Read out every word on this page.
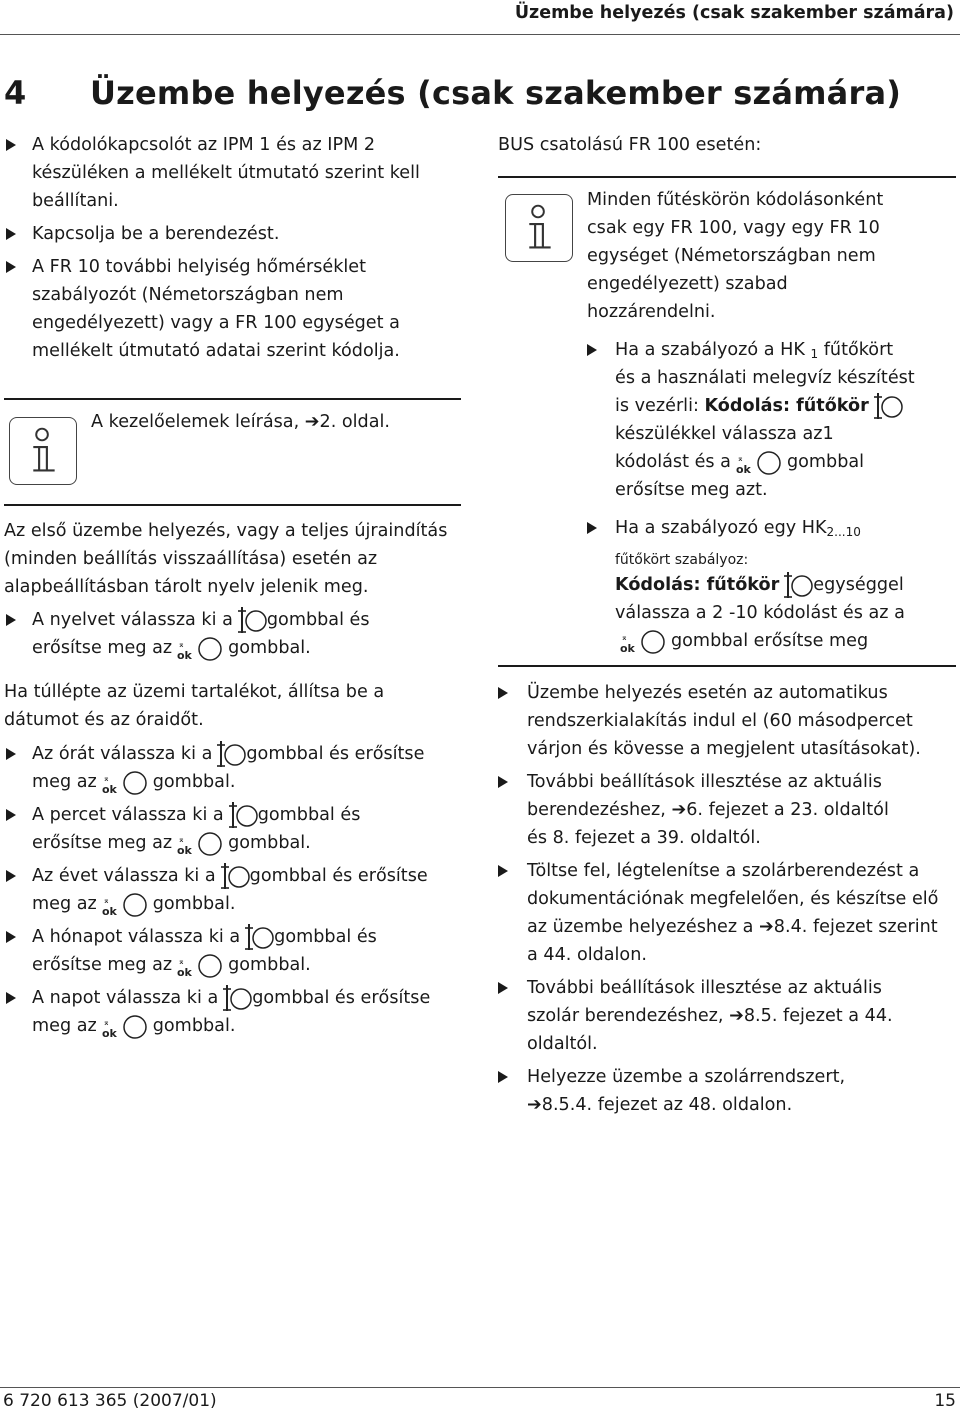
Üzembe helyezés (csak szakember számára)
4 Üzembe helyezés (csak szakember számára)
6 720 613 365 (2007/01)	15
A kódolókapcsolót az IPM 1 és az IPM 2
készüléken a mellékelt útmutató szerint kell
beállítani.
Kapcsolja be a berendezést.
A FR 10 további helyiség hőmérséklet
szabályozót (Németországban nem
engedélyezett) vagy a FR 100 egységet a
mellékelt útmutató adatai szerint kódolja.
A kezelőelemek leírása, ➔2. oldal.
Az első üzembe helyezés, vagy a teljes újraindítás
(minden beállítás visszaállítása) esetén az
alapbeállításban tárolt nyelv jelenik meg.
A nyelvet válassza ki a gombbal és
erősítse meg az ⌅
ok gombbal.
Ha túllépte az üzemi tartalékot, állítsa be a
dátumot és az óraidőt.
Az órát válassza ki a gombbal és erősítse
meg az ⌅
ok gombbal.
A percet válassza ki a gombbal és
erősítse meg az ⌅
ok gombbal.
Az évet válassza ki a gombbal és erősítse
meg az ⌅
ok gombbal.
A hónapot válassza ki a gombbal és
erősítse meg az ⌅
ok gombbal.
A napot válassza ki a gombbal és erősítse
meg az ⌅
ok gombbal.
BUS csatolású FR 100 esetén:
Minden fűtéskörön kódolásonként
csak egy FR 100, vagy egy FR 10
egységet (Németországban nem
engedélyezett) szabad
hozzárendelni.
Ha a szabályozó a HK $_1$ fűtőkört
és a használati melegvíz készítést
is vezérli: Kódolás: fűtőkör
készülékkel válassza az1
kódolást és a ⌅
ok gombbal
erősítse meg azt.
Ha a szabályozó egy $HK_{2...10}$
fűtőkört szabályoz:
Kódolás: fűtőkör egységgel
válassza a 2 -10 kódolást és az a
⌅
ok gombbal erősítse meg
Üzembe helyezés esetén az automatikus
rendszerkialakítás indul el (60 másodpercet
várjon és kövesse a megjelent utasításokat).
További beállítások illesztése az aktuális
berendezéshez, ➔6. fejezet a 23. oldaltól
és 8. fejezet a 39. oldaltól.
Töltse fel, légtelenítse a szolárberendezést a
dokumentációnak megfelelően, és készítse elő
az üzembe helyezéshez a ➔8.4. fejezet szerint
a 44. oldalon.
További beállítások illesztése az aktuális
szolár berendezéshez, ➔8.5. fejezet a 44.
oldaltól.
Helyezze üzembe a szolárrendszert,
➔8.5.4. fejezet az 48. oldalon.
